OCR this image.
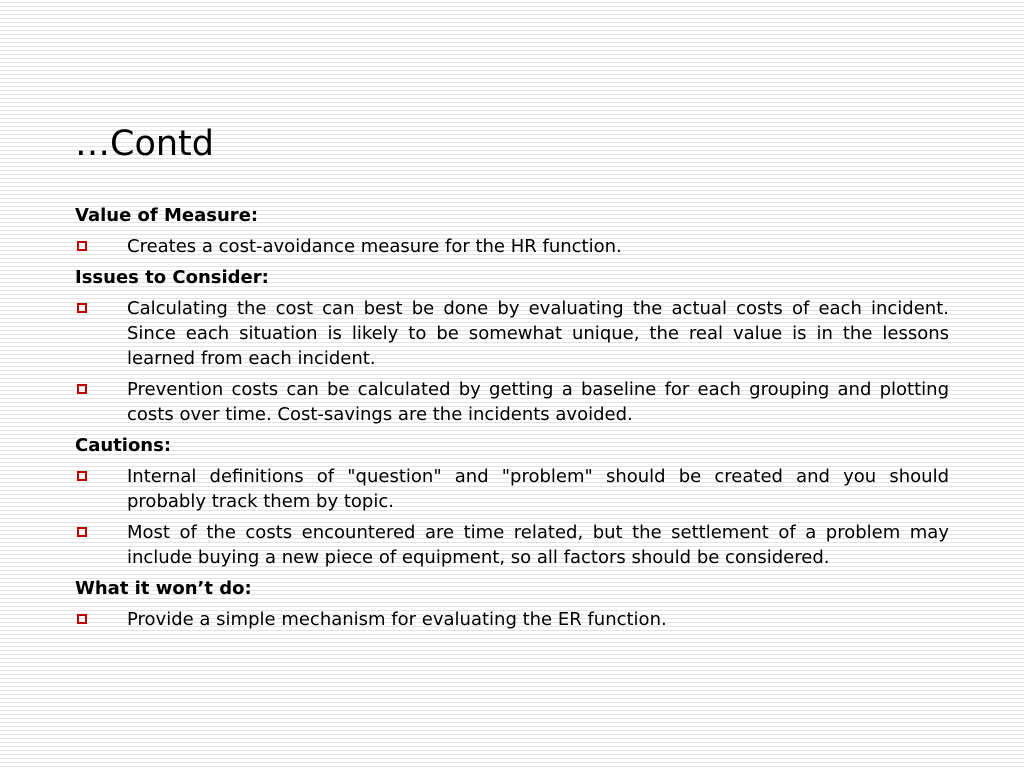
…Contd
Value of Measure:
Creates a cost-avoidance measure for the HR function.
Issues to Consider:
Calculating the cost can best be done by evaluating the actual costs of each incident. Since each situation is likely to be somewhat unique, the real value is in the lessons learned from each incident.
Prevention costs can be calculated by getting a baseline for each grouping and plotting costs over time. Cost-savings are the incidents avoided.
Cautions:
Internal definitions of "question" and "problem" should be created and you should probably track them by topic.
Most of the costs encountered are time related, but the settlement of a problem may include buying a new piece of equipment, so all factors should be considered.
What it won’t do:
Provide a simple mechanism for evaluating the ER function.
